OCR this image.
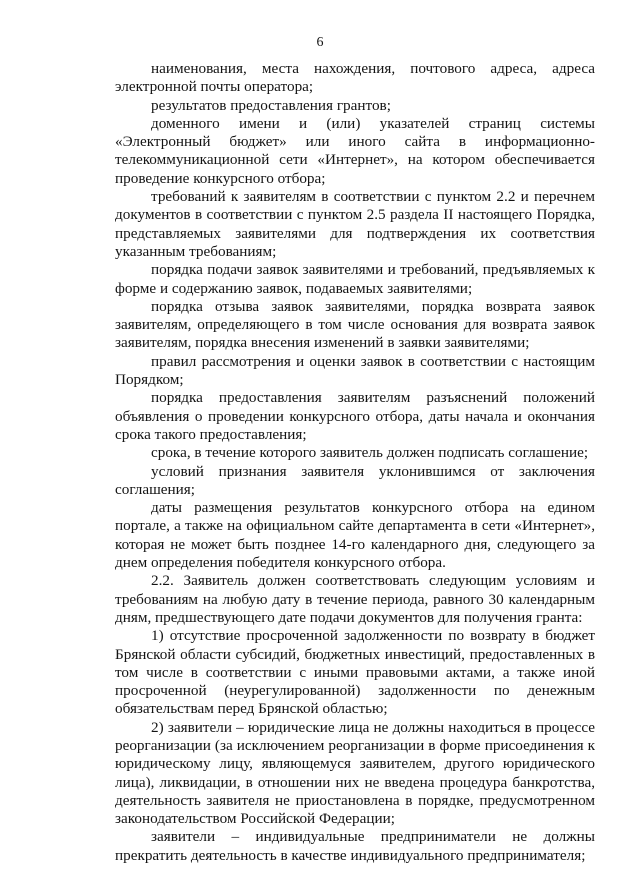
6

наименования, места нахождения, почтового адреса, адреса электронной почты оператора;

результатов предоставления грантов;

доменного имени и (или) указателей страниц системы «Электронный бюджет» или иного сайта в информационно-телекоммуникационной сети «Интернет», на котором обеспечивается проведение конкурсного отбора;

требований к заявителям в соответствии с пунктом 2.2 и перечнем документов в соответствии с пунктом 2.5 раздела II настоящего Порядка, представляемых заявителями для подтверждения их соответствия указанным требованиям;

порядка подачи заявок заявителями и требований, предъявляемых к форме и содержанию заявок, подаваемых заявителями;

порядка отзыва заявок заявителями, порядка возврата заявок заявителям, определяющего в том числе основания для возврата заявок заявителям, порядка внесения изменений в заявки заявителями;

правил рассмотрения и оценки заявок в соответствии с настоящим Порядком;

порядка предоставления заявителям разъяснений положений объявления о проведении конкурсного отбора, даты начала и окончания срока такого предоставления;

срока, в течение которого заявитель должен подписать соглашение;

условий признания заявителя уклонившимся от заключения соглашения;

даты размещения результатов конкурсного отбора на едином портале, а также на официальном сайте департамента в сети «Интернет», которая не может быть позднее 14-го календарного дня, следующего за днем определения победителя конкурсного отбора.

2.2. Заявитель должен соответствовать следующим условиям и требованиям на любую дату в течение периода, равного 30 календарным дням, предшествующего дате подачи документов для получения гранта:

1) отсутствие просроченной задолженности по возврату в бюджет Брянской области субсидий, бюджетных инвестиций, предоставленных в том числе в соответствии с иными правовыми актами, а также иной просроченной (неурегулированной) задолженности по денежным обязательствам перед Брянской областью;

2) заявители – юридические лица не должны находиться в процессе реорганизации (за исключением реорганизации в форме присоединения к юридическому лицу, являющемуся заявителем, другого юридического лица), ликвидации, в отношении них не введена процедура банкротства, деятельность заявителя не приостановлена в порядке, предусмотренном законодательством Российской Федерации;

заявители – индивидуальные предприниматели не должны прекратить деятельность в качестве индивидуального предпринимателя;
